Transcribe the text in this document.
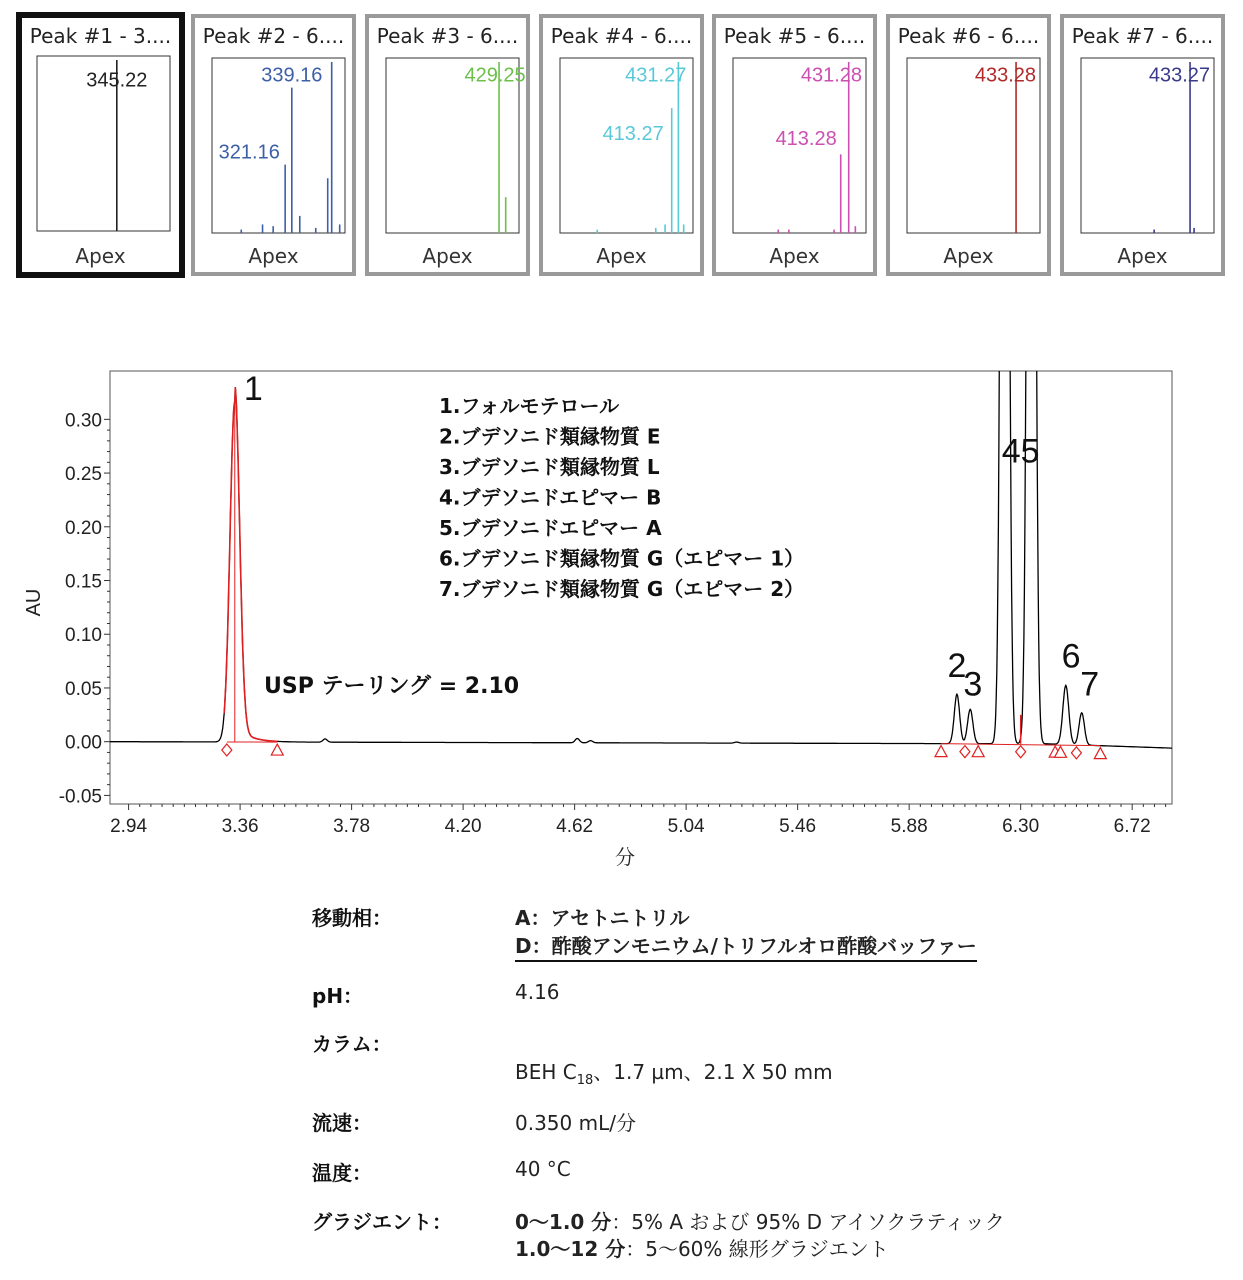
Peak #1 - 3....
Apex
345.22
Peak #2 - 6....
Apex
339.16
321.16
Peak #3 - 6....
Apex
429.25
Peak #4 - 6....
Apex
431.27
413.27
Peak #5 - 6....
Apex
431.28
413.28
Peak #6 - 6....
Apex
433.28
Peak #7 - 6....
Apex
433.27
-0.05
0.00
0.05
0.10
0.15
0.20
0.25
0.30
2.94	3.36	3.78	4.20	4.62	5.04	5.46	5.88	6.30	6.72
分
AU
1
2
3
45
6
7
1.フォルモテロール
2.ブデソニド類縁物質 E
3.ブデソニド類縁物質 L
4.ブデソニドエピマー B
5.ブデソニドエピマー A
6.ブデソニド類縁物質 G（エピマー 1）
7.ブデソニド類縁物質 G（エピマー 2）
USP テーリング = 2.10
移動相：	A：アセトニトリル
D：酢酸アンモニウム/トリフルオロ酢酸バッファー
pH：	4.16
カラム：
BEH $C_{18}$、1.7 µm、2.1 X 50 mm
流速：	0.350 mL/分
温度：	40 °C
グラジエント：	0～1.0 分：5% A および 95% D アイソクラティック
1.0～12 分：5～60% 線形グラジエント
